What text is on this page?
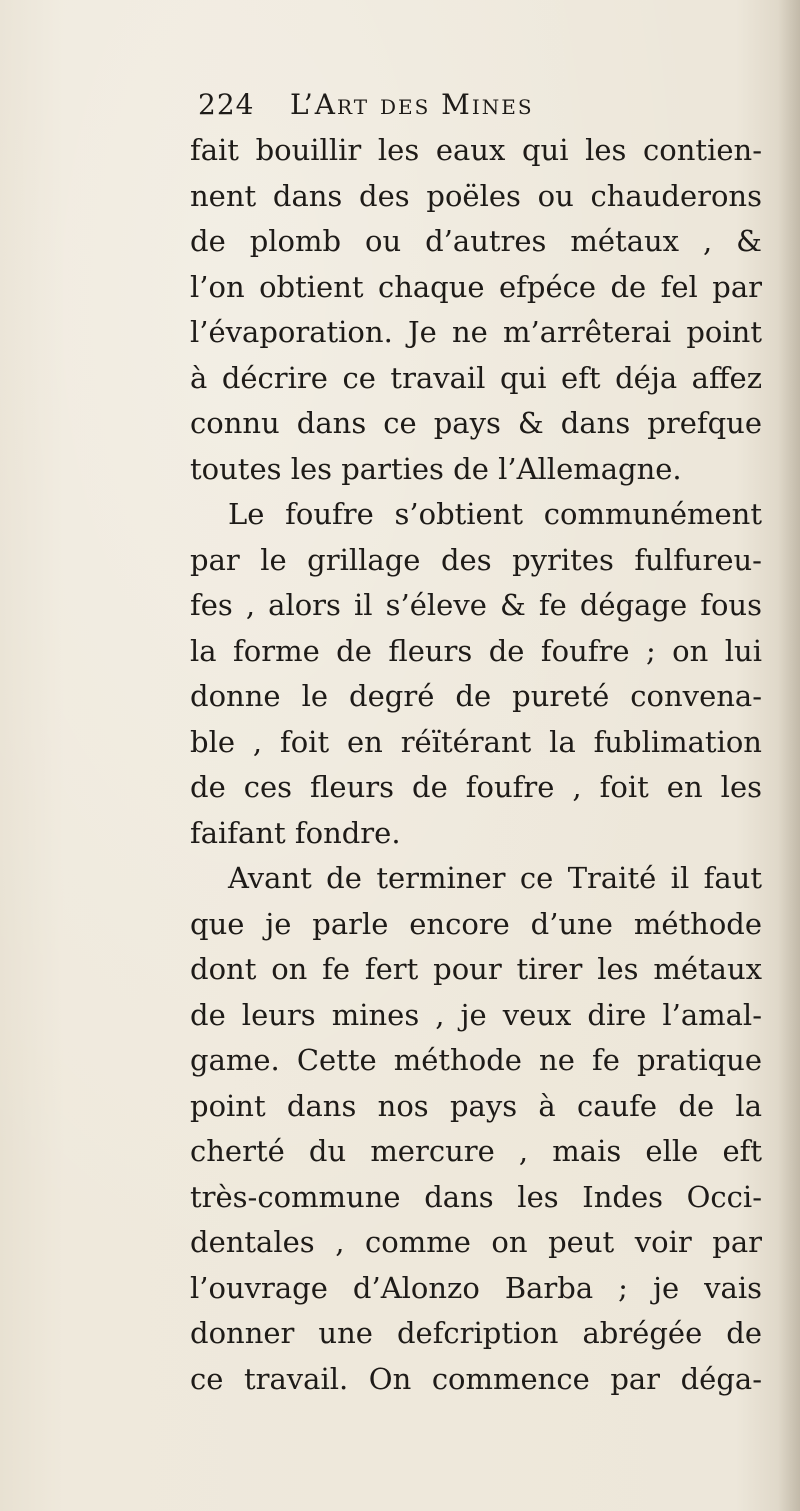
224	L’Art des Mines
fait bouillir les eaux qui les contien-
nent dans des poëles ou chauderons
de plomb ou d’autres métaux , &
l’on obtient chaque efpéce de fel par
l’évaporation. Je ne m’arrêterai point
à décrire ce travail qui eft déja affez
connu dans ce pays & dans prefque
toutes les parties de l’Allemagne.
Le foufre s’obtient communément
par le grillage des pyrites fulfureu-
fes , alors il s’éleve & fe dégage fous
la forme de fleurs de foufre ; on lui
donne le degré de pureté convena-
ble , foit en réïtérant la fublimation
de ces fleurs de foufre , foit en les
faifant fondre.
Avant de terminer ce Traité il faut
que je parle encore d’une méthode
dont on fe fert pour tirer les métaux
de leurs mines , je veux dire l’amal-
game. Cette méthode ne fe pratique
point dans nos pays à caufe de la
cherté du mercure , mais elle eft
très-commune dans les Indes Occi-
dentales , comme on peut voir par
l’ouvrage d’Alonzo Barba ; je vais
donner une defcription abrégée de
ce travail. On commence par déga-
